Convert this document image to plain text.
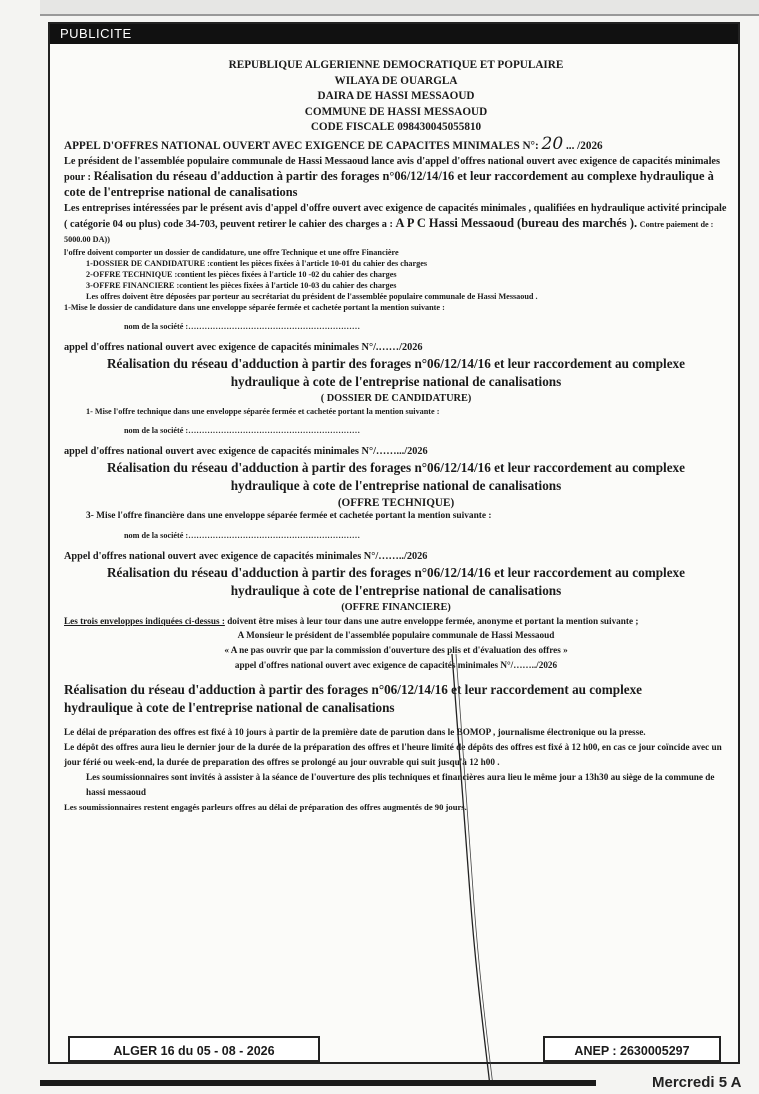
PUBLICITE
REPUBLIQUE ALGERIENNE DEMOCRATIQUE ET POPULAIRE
WILAYA DE OUARGLA
DAIRA DE HASSI MESSAOUD
COMMUNE DE HASSI MESSAOUD
CODE FISCALE 098430045055810

APPEL D'OFFRES NATIONAL OUVERT AVEC EXIGENCE DE CAPACITES MINIMALES N°: 20 ... /2026

Le président de l'assemblée populaire communale de Hassi Messaoud lance avis d'appel d'offres national ouvert avec exigence de capacités minimales pour : Réalisation du réseau d'adduction à partir des forages n°06/12/14/16 et leur raccordement au complexe hydraulique à cote de l'entreprise national de canalisations

Les entreprises intéressées par le présent avis d'appel d'offre ouvert avec exigence de capacités minimales , qualifiées en hydraulique activité principale ( catégorie 04 ou plus) code 34-703, peuvent retirer le cahier des charges a : A P C Hassi Messaoud (bureau des marchés ). Contre paiement de : 5000.00 DA))

l'offre doivent comporter un dossier de candidature, une offre Technique et une offre Financière
1-DOSSIER DE CANDIDATURE :contient les pièces fixées à l'article 10-01 du cahier des charges
2-OFFRE TECHNIQUE :contient les pièces fixées à l'article 10 -02 du cahier des charges
3-OFFRE FINANCIERE :contient les pièces fixées à l'article 10-03 du cahier des charges
Les offres doivent être déposées par porteur au secrétariat du président de l'assemblée populaire communale de Hassi Messaoud .
1-Mise le dossier de candidature dans une enveloppe séparée fermée et cachetée portant la mention suivante :
nom de la société :………………………………………………………
appel d'offres national ouvert avec exigence de capacités minimales N°/.……/2026
Réalisation du réseau d'adduction à partir des forages n°06/12/14/16 et leur raccordement au complexe
hydraulique à cote de l'entreprise national de canalisations
( DOSSIER DE CANDIDATURE)
1- Mise l'offre technique dans une enveloppe séparée fermée et cachetée portant la mention suivante :
nom de la société :………………………………………………………
appel d'offres national ouvert avec exigence de capacités minimales N°/…….../2026
Réalisation du réseau d'adduction à partir des forages n°06/12/14/16 et leur raccordement au complexe
hydraulique à cote de l'entreprise national de canalisations
(OFFRE TECHNIQUE)
3- Mise l'offre financière dans une enveloppe séparée fermée et cachetée portant la mention suivante :
nom de la société :………………………………………………………
Appel d'offres national ouvert avec exigence de capacités minimales N°/……../2026
Réalisation du réseau d'adduction à partir des forages n°06/12/14/16 et leur raccordement au complexe
hydraulique à cote de l'entreprise national de canalisations
(OFFRE FINANCIERE)

Les trois enveloppes indiquées ci-dessus : doivent être mises à leur tour dans une autre enveloppe fermée, anonyme et portant la mention suivante ;

A Monsieur le président de l'assemblée populaire communale de Hassi Messaoud
« A ne pas ouvrir que par la commission d'ouverture des plis et d'évaluation des offres »
appel d'offres national ouvert avec exigence de capacités minimales N°/……../2026
Réalisation du réseau d'adduction à partir des forages n°06/12/14/16 et leur raccordement au complexe
hydraulique à cote de l'entreprise national de canalisations

Le délai de préparation des offres est fixé à 10 jours à partir de la première date de parution dans le BOMOP , journalisme électronique ou la presse.

Le dépôt des offres aura lieu le dernier jour de la durée de la préparation des offres et l'heure limité de dépôts des offres est fixé à 12 h00, en cas ce jour coïncide avec un jour férié ou week-end, la durée de preparation des offres se prolongé au jour ouvrable qui suit jusqu'à 12 h00 .

Les soumissionnaires sont invités à assister à la séance de l'ouverture des plis techniques et financières aura lieu le même jour a 13h30 au siège de la commune de hassi messaoud

Les soumissionnaires restent engagés parleurs offres au délai de préparation des offres augmentés de 90 jours.

ALGER 16 du 05 - 08 - 2026	ANEP : 2630005297
Mercredi 5 A
